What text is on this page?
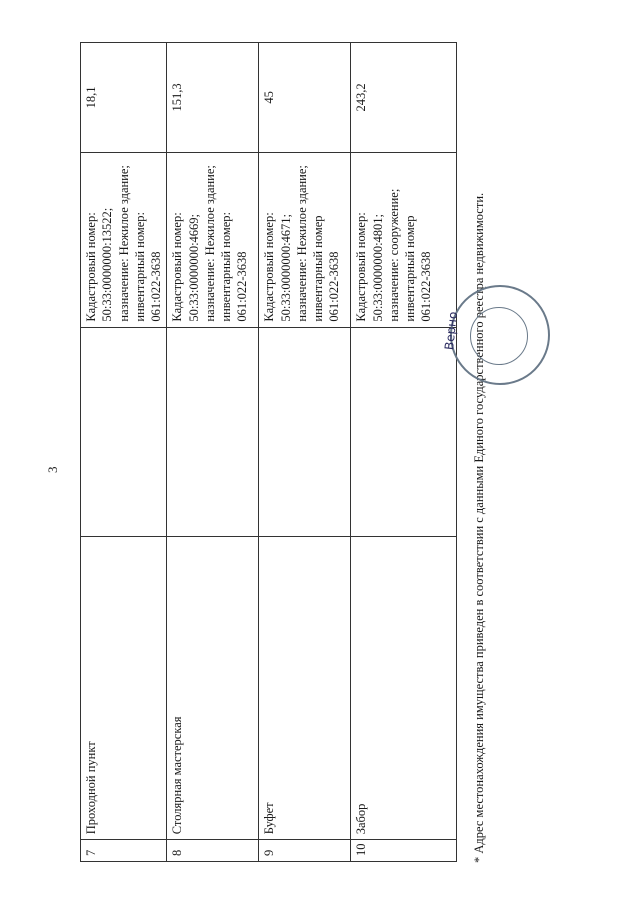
3
7	Проходной пункт		Кадастровый номер: 50:33:0000000:13522; назначение: Нежилое здание; инвентарный номер: 061:022-3638	18,1
8	Столярная мастерская		Кадастровый номер: 50:33:0000000:4669; назначение: Нежилое здание; инвентарный номер: 061:022-3638	151,3
9	Буфет		Кадастровый номер: 50:33:0000000:4671; назначение: Нежилое здание; инвентарный номер 061:022-3638	45
10	Забор		Кадастровый номер: 50:33:0000000:4801; назначение: сооружение; инвентарный номер 061:022-3638	243,2
* Адрес местонахождения имущества приведен в соответствии с данными Единого государственного реестра недвижимости.
Верно
